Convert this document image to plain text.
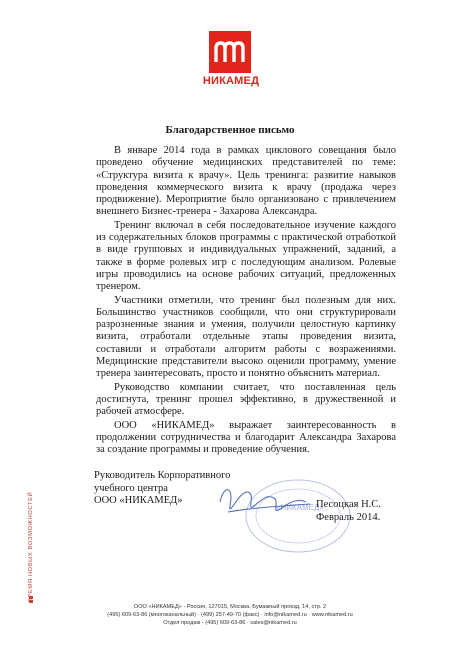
НИКАМЕД
Благодарственное письмо

В январе 2014 года в рамках циклового совещания было проведено обучение медицинских представителей по теме: «Структура визита к врачу». Цель тренинга: развитие навыков проведения коммерческого визита к врачу (продажа через продвижение). Мероприятие было организовано с привлечением внешнего Бизнес-тренера - Захарова Александра.

Тренинг включал в себя последовательное изучение каждого из содержательных блоков программы с практической отработкой в виде групповых и индивидуальных упражнений, заданий, а также в форме ролевых игр с последующим анализом. Ролевые игры проводились на основе рабочих ситуаций, предложенных тренером.

Участники отметили, что тренинг был полезным для них. Большинство участников сообщили, что они структурировали разрозненные знания и умения, получили целостную картинку визита, отработали отдельные этапы проведения визита, составили и отработали алгоритм работы с возражениями. Медицинские представители высоко оценили программу, умение тренера заинтересовать, просто и понятно объяснить материал.

Руководство компании считает, что поставленная цель достигнута, тренинг прошел эффективно, в дружественной и рабочей атмосфере.

ООО «НИКАМЕД» выражает заинтересованность в продолжении сотрудничества и благодарит Александра Захарова за создание программы и проведение обучения.

Руководитель Корпоративного
учебного центра
ООО «НИКАМЕД»
«НИКАМЕД»
Песоцкая Н.С.
Февраль 2014.
ВРЕМЯ НОВЫХ ВОЗМОЖНОСТЕЙ
ООО «НИКАМЕД» - Россия, 127015, Москва, Бумажный проезд, 14, стр. 2
(495) 609-63-86 (многоканальный) · (499) 257-49-70 (факс) · info@nikamed.ru · www.nikamed.ru
Отдел продаж - (495) 609-63-86 · sales@nikamed.ru
